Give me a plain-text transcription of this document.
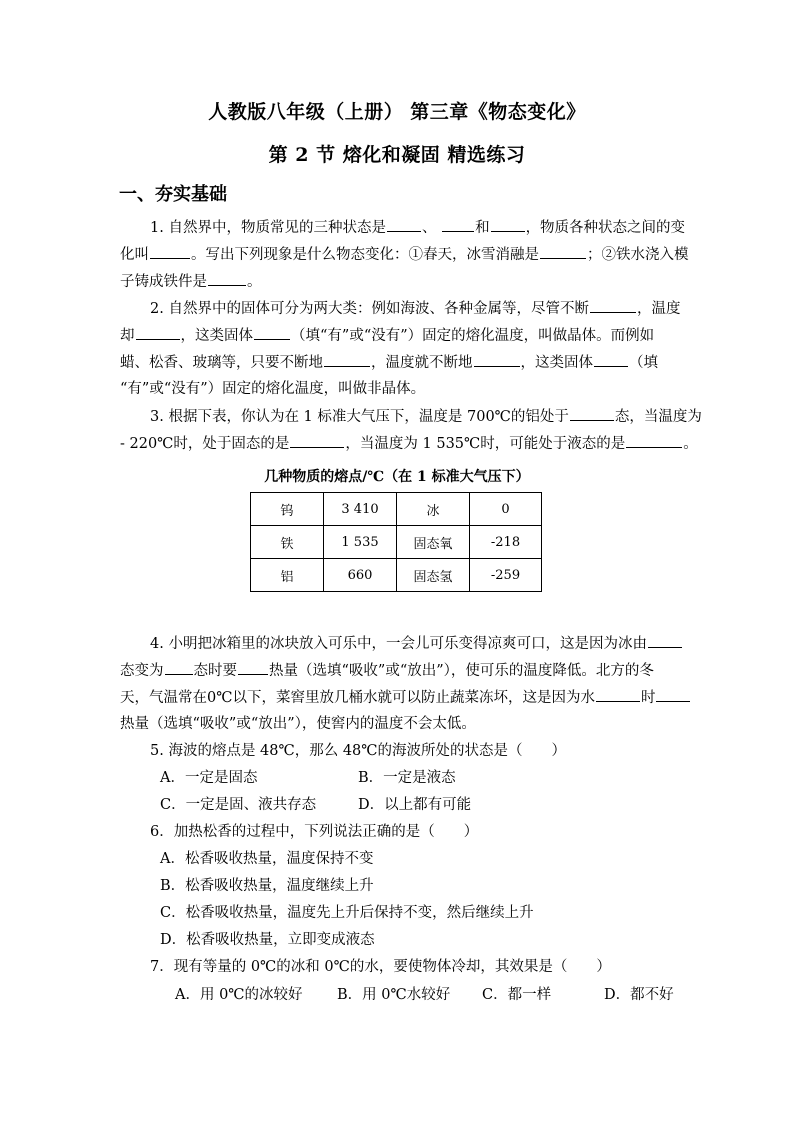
人教版八年级（上册） 第三章《物态变化》
第 2 节 熔化和凝固 精选练习
一、夯实基础
1. 自然界中，物质常见的三种状态是 、 和 ，物质各种状态之间的变
化叫	。写出下列现象是什么物态变化：①春天，冰雪消融是	；②铁水浇入模
子铸成铁件是	。
2. 自然界中的固体可分为两大类：例如海波、各种金属等，尽管不断	，温度
却	，这类固体	（填“有”或“没有”）固定的熔化温度，叫做晶体。而例如
蜡、松香、玻璃等，只要不断地	，温度就不断地	，这类固体 （填
“有”或“没有”）固定的熔化温度，叫做非晶体。
3. 根据下表，你认为在 1 标准大气压下，温度是 700℃的铝处于	态，当温度为
- 220℃时，处于固态的是	，当温度为 1 535℃时，可能处于液态的是	。
几种物质的熔点/℃（在 1 标准大气压下）
钨	3 410	冰	0
铁	1 535	固态氧	-218
铝	660	固态氢	-259
4. 小明把冰箱里的冰块放入可乐中，一会儿可乐变得凉爽可口，这是因为冰由
态变为 态时要 热量（选填“吸收”或“放出”），使可乐的温度降低。北方的冬
天，气温常在0℃以下，菜窖里放几桶水就可以防止蔬菜冻坏，这是因为水	时
热量（选填“吸收”或“放出”），使窖内的温度不会太低。
5. 海波的熔点是 48℃，那么 48℃的海波所处的状态是（　　）
A．一定是固态	B．一定是液态
C．一定是固、液共存态	D．以上都有可能
6．加热松香的过程中，下列说法正确的是（　　）
A．松香吸收热量，温度保持不变
B．松香吸收热量，温度继续上升
C．松香吸收热量，温度先上升后保持不变，然后继续上升
D．松香吸收热量，立即变成液态
7．现有等量的 0℃的冰和 0℃的水，要使物体冷却，其效果是（　　）
A．用 0℃的冰较好 B．用 0℃水较好 C．都一样	D．都不好
